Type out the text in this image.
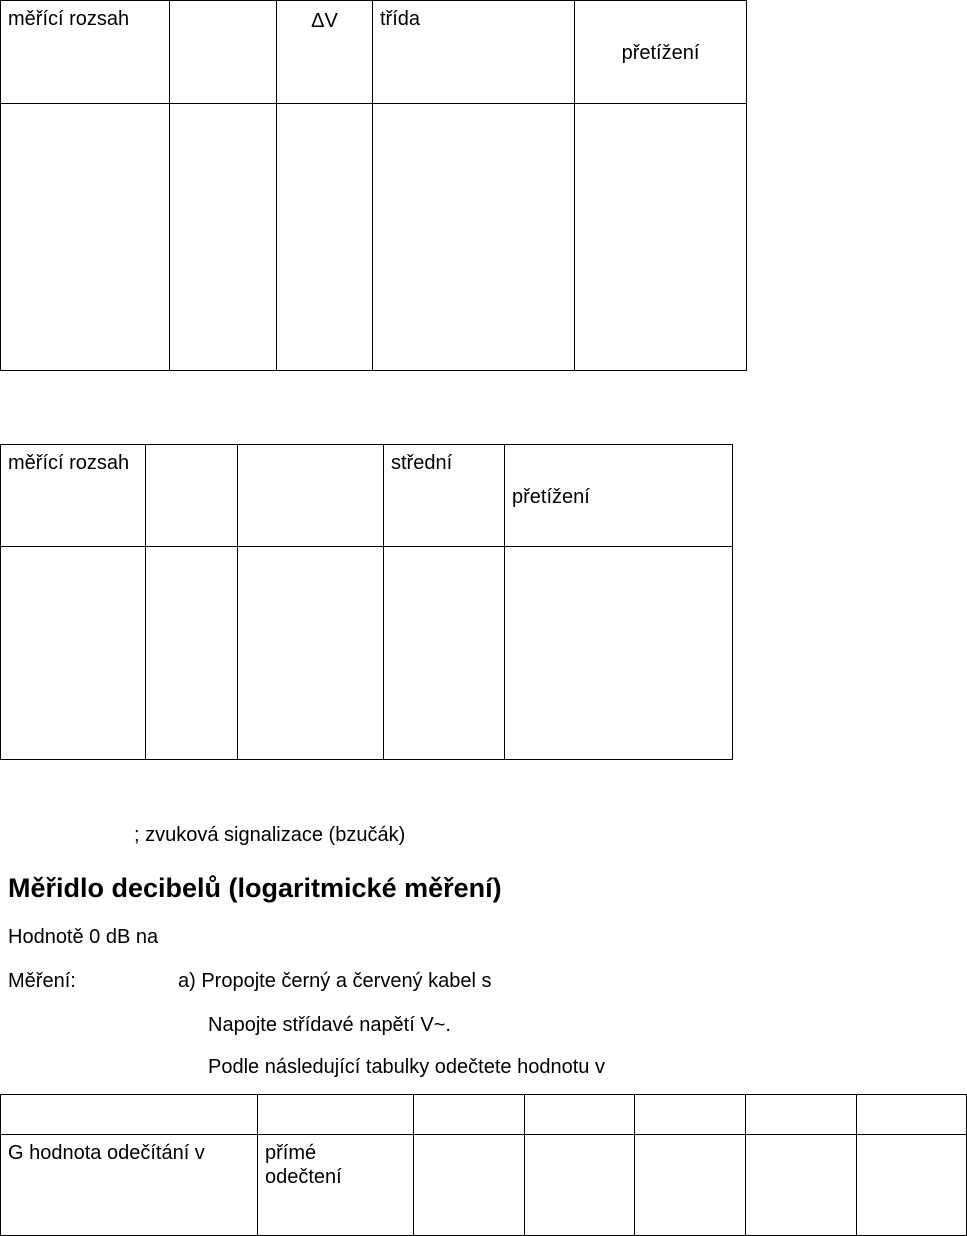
měřící rozsah		ΔV	třída	přetížení

měřící rozsah			střední	přetížení

; zvuková signalizace (bzučák)
Měřidlo decibelů (logaritmické měření)
Hodnotě 0 dB na
Měření:	a) Propojte černý a červený kabel s
Napojte střídavé napětí V~.
Podle následující tabulky odečtete hodnotu v

G hodnota odečítání v	přímé odečtení					
